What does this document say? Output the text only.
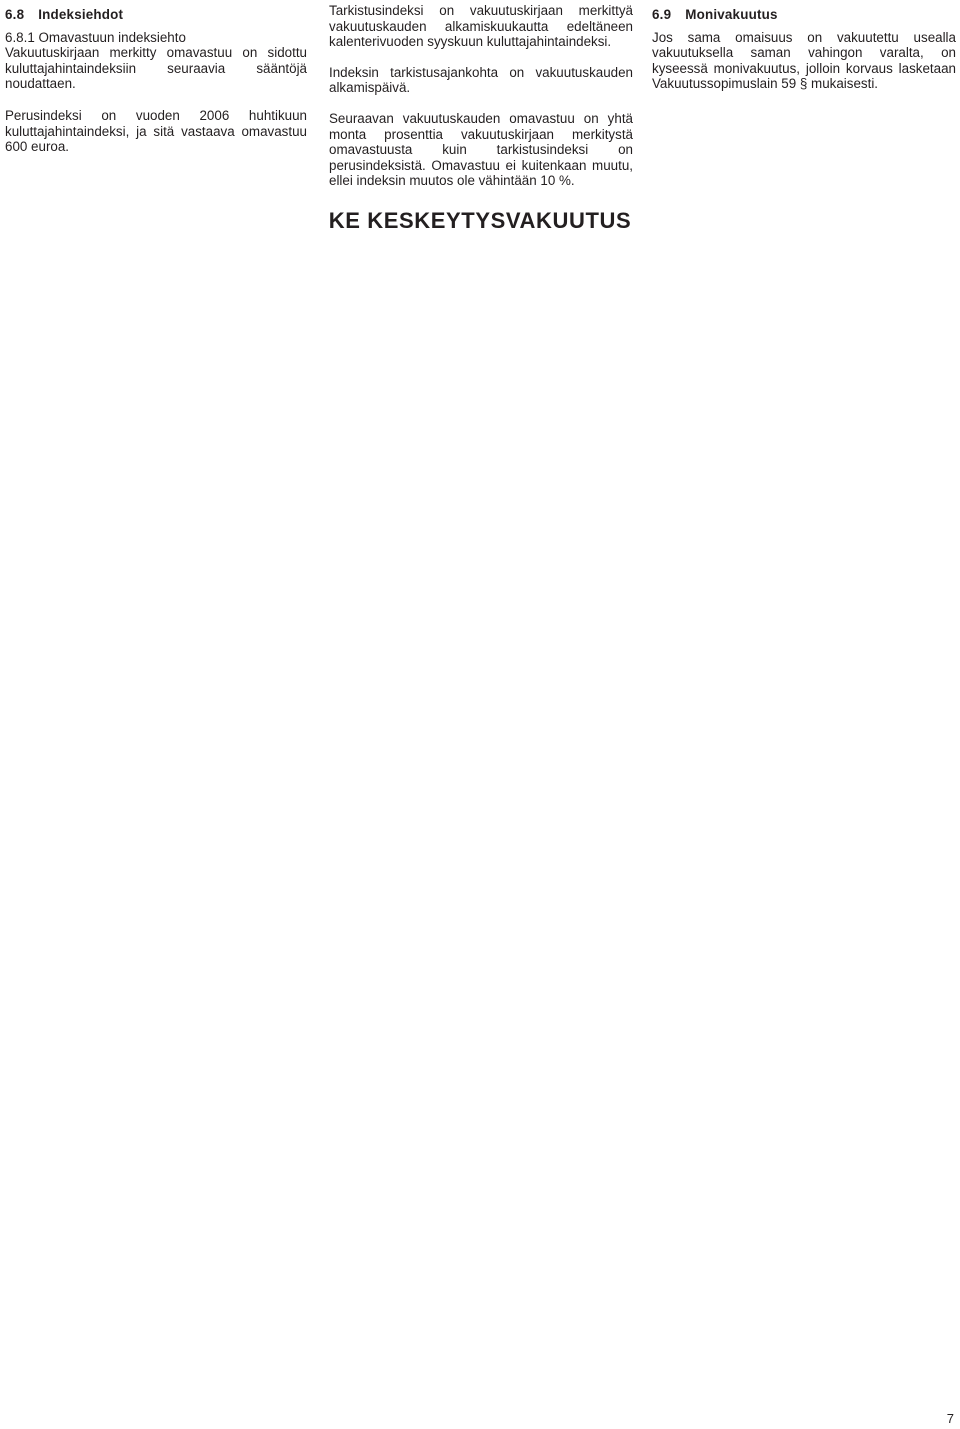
6.8 Indeksiehdot
6.8.1 Omavastuun indeksiehto

Vakuutuskirjaan merkitty omavastuu on sidottu kuluttajahintaindeksiin seuraavia sääntöjä noudattaen.

Perusindeksi on vuoden 2006 huhtikuun kuluttajahintaindeksi, ja sitä vastaava omavastuu 600 euroa.

Tarkistusindeksi on vakuutuskirjaan merkittyä vakuutuskauden alkamiskuukautta edeltäneen kalenterivuoden syyskuun kuluttajahintaindeksi.

Indeksin tarkistusajankohta on vakuutuskauden alkamispäivä.

Seuraavan vakuutuskauden omavastuu on yhtä monta prosenttia vakuutuskirjaan merkitystä omavastuusta kuin tarkistusindeksi on perusindeksistä. Omavastuu ei kuitenkaan muutu, ellei indeksin muutos ole vähintään 10 %.

6.9 Monivakuutus

Jos sama omaisuus on vakuutettu usealla vakuutuksella saman vahingon varalta, on kyseessä monivakuutus, jolloin korvaus lasketaan Vakuutussopimuslain 59 § mukaisesti.

KE KESKEYTYSVAKUUTUS
7
